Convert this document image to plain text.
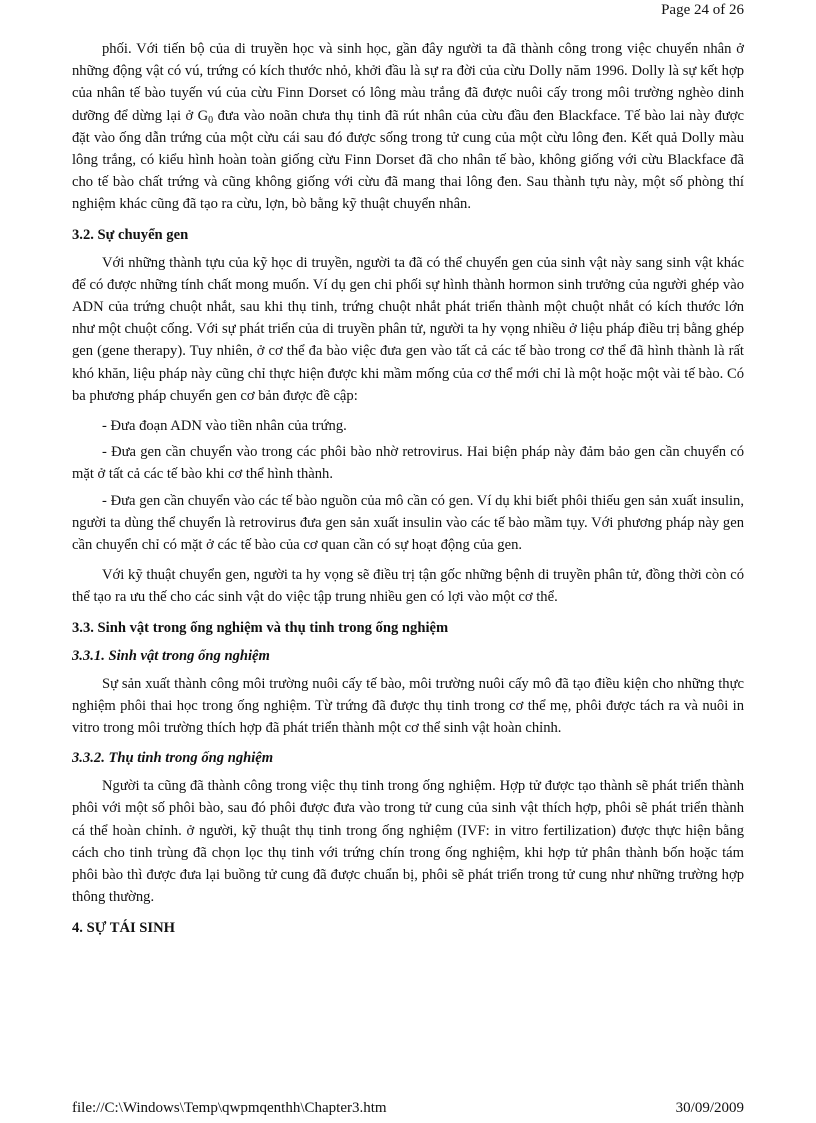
Page 24 of 26

phối. Với tiến bộ của di truyền học và sinh học, gần đây người ta đã thành công trong việc chuyển nhân ở những động vật có vú, trứng có kích thước nhỏ, khởi đầu là sự ra đời của cừu Dolly năm 1996. Dolly là sự kết hợp của nhân tế bào tuyến vú của cừu Finn Dorset có lông màu trắng đã được nuôi cấy trong môi trường nghèo dinh dưỡng để dừng lại ở $G_0$ đưa vào noãn chưa thụ tinh đã rút nhân của cừu đầu đen Blackface. Tế bào lai này được đặt vào ống dẫn trứng của một cừu cái sau đó được sống trong tử cung của một cừu lông đen. Kết quả Dolly màu lông trắng, có kiểu hình hoàn toàn giống cừu Finn Dorset đã cho nhân tế bào, không giống với cừu Blackface đã cho tế bào chất trứng và cũng không giống với cừu đã mang thai lông đen. Sau thành tựu này, một số phòng thí nghiệm khác cũng đã tạo ra cừu, lợn, bò bằng kỹ thuật chuyển nhân.

3.2. Sự chuyển gen

Với những thành tựu của kỹ học di truyền, người ta đã có thể chuyển gen của sinh vật này sang sinh vật khác để có được những tính chất mong muốn. Ví dụ gen chi phối sự hình thành hormon sinh trưởng của người ghép vào ADN của trứng chuột nhắt, sau khi thụ tinh, trứng chuột nhắt phát triển thành một chuột nhắt có kích thước lớn như một chuột cống. Với sự phát triển của di truyền phân tử, người ta hy vọng nhiều ở liệu pháp điều trị bằng ghép gen (gene therapy). Tuy nhiên, ở cơ thể đa bào việc đưa gen vào tất cả các tế bào trong cơ thể đã hình thành là rất khó khăn, liệu pháp này cũng chỉ thực hiện được khi mầm mống của cơ thể mới chỉ là một hoặc một vài tế bào. Có ba phương pháp chuyển gen cơ bản được đề cập:

- Đưa đoạn ADN vào tiền nhân của trứng.

- Đưa gen cần chuyển vào trong các phôi bào nhờ retrovirus. Hai biện pháp này đảm bảo gen cần chuyển có mặt ở tất cả các tế bào khi cơ thể hình thành.

- Đưa gen cần chuyển vào các tế bào nguồn của mô cần có gen. Ví dụ khi biết phôi thiếu gen sản xuất insulin, người ta dùng thể chuyển là retrovirus đưa gen sản xuất insulin vào các tế bào mầm tụy. Với phương pháp này gen cần chuyển chỉ có mặt ở các tế bào của cơ quan cần có sự hoạt động của gen.

Với kỹ thuật chuyển gen, người ta hy vọng sẽ điều trị tận gốc những bệnh di truyền phân tử, đồng thời còn có thể tạo ra ưu thế cho các sinh vật do việc tập trung nhiều gen có lợi vào một cơ thể.

3.3. Sinh vật trong ống nghiệm và thụ tinh trong ống nghiệm
3.3.1. Sinh vật trong ống nghiệm

Sự sản xuất thành công môi trường nuôi cấy tế bào, môi trường nuôi cấy mô đã tạo điều kiện cho những thực nghiệm phôi thai học trong ống nghiệm. Từ trứng đã được thụ tinh trong cơ thể mẹ, phôi được tách ra và nuôi in vitro trong môi trường thích hợp đã phát triển thành một cơ thể sinh vật hoàn chỉnh.

3.3.2. Thụ tinh trong ống nghiệm

Người ta cũng đã thành công trong việc thụ tinh trong ống nghiệm. Hợp tử được tạo thành sẽ phát triển thành phôi với một số phôi bào, sau đó phôi được đưa vào trong tử cung của sinh vật thích hợp, phôi sẽ phát triển thành cá thể hoàn chỉnh. ở người, kỹ thuật thụ tinh trong ống nghiệm (IVF: in vitro fertilization) được thực hiện bằng cách cho tinh trùng đã chọn lọc thụ tinh với trứng chín trong ống nghiệm, khi hợp tử phân thành bốn hoặc tám phôi bào thì được đưa lại buồng tử cung đã được chuẩn bị, phôi sẽ phát triển trong tử cung như những trường hợp thông thường.

4. SỰ TÁI SINH
file://C:\Windows\Temp\qwpmqenthh\Chapter3.htm	30/09/2009
